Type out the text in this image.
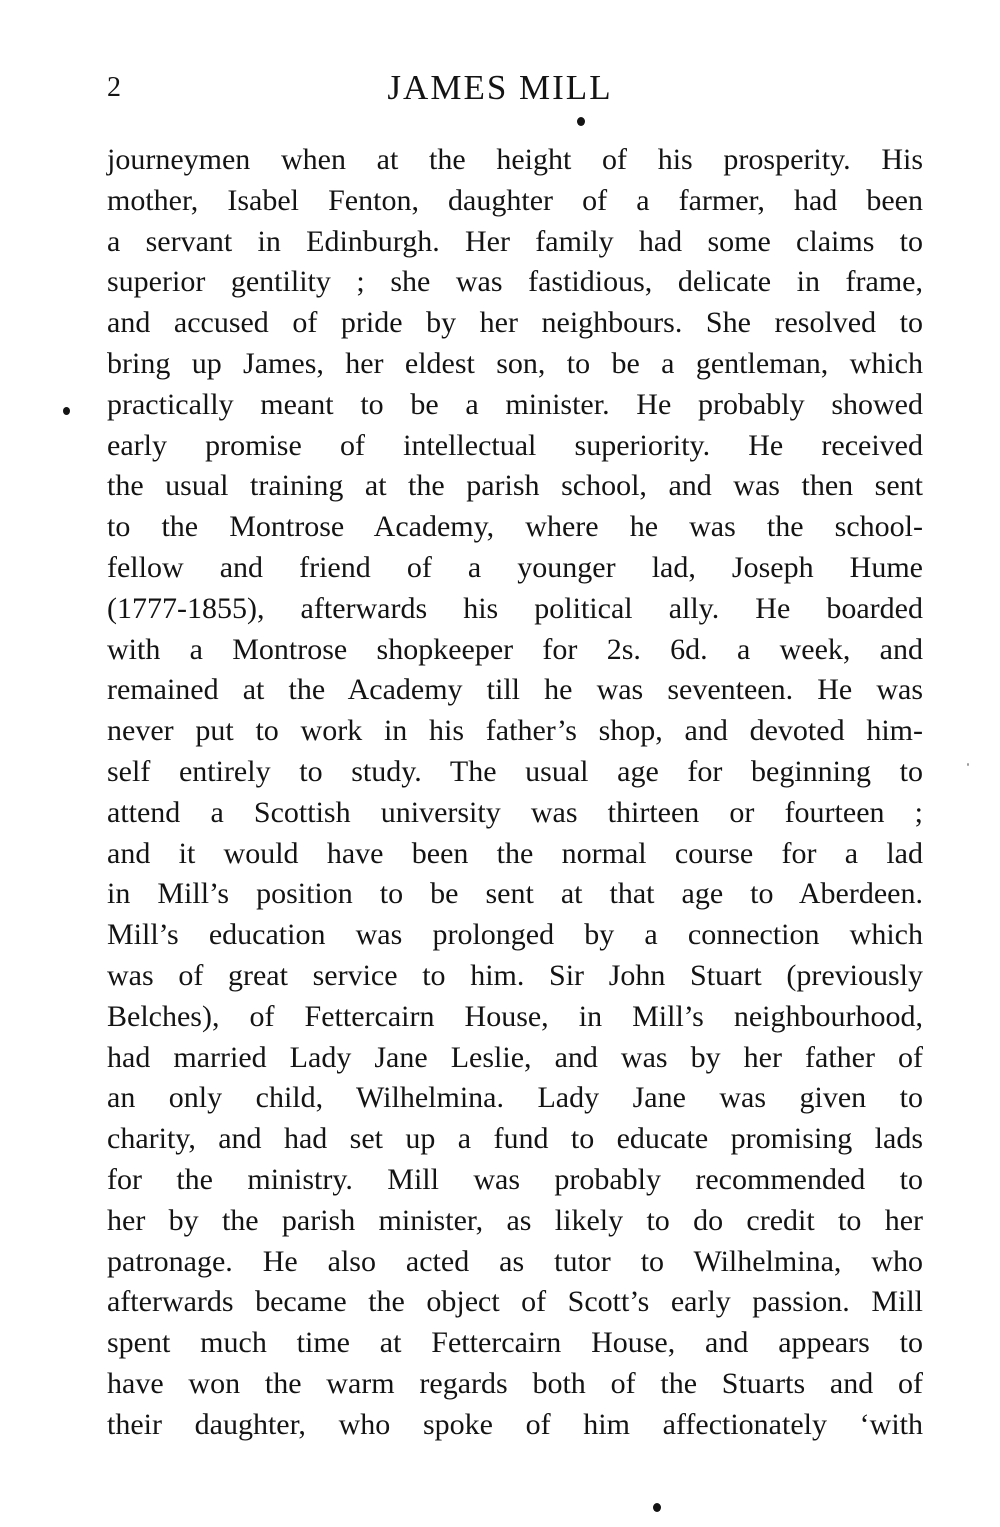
2	JAMES MILL
journeymen when at the height of his prosperity. His
mother, Isabel Fenton, daughter of a farmer, had been
a servant in Edinburgh. Her family had some claims to
superior gentility ; she was fastidious, delicate in frame,
and accused of pride by her neighbours. She resolved to
bring up James, her eldest son, to be a gentleman, which
practically meant to be a minister. He probably showed
early promise of intellectual superiority. He received
the usual training at the parish school, and was then sent
to the Montrose Academy, where he was the school-
fellow and friend of a younger lad, Joseph Hume
(1777-1855), afterwards his political ally. He boarded
with a Montrose shopkeeper for 2s. 6d. a week, and
remained at the Academy till he was seventeen. He was
never put to work in his father’s shop, and devoted him-
self entirely to study. The usual age for beginning to
attend a Scottish university was thirteen or fourteen ;
and it would have been the normal course for a lad
in Mill’s position to be sent at that age to Aberdeen.
Mill’s education was prolonged by a connection which
was of great service to him. Sir John Stuart (previously
Belches), of Fettercairn House, in Mill’s neighbourhood,
had married Lady Jane Leslie, and was by her father of
an only child, Wilhelmina. Lady Jane was given to
charity, and had set up a fund to educate promising lads
for the ministry. Mill was probably recommended to
her by the parish minister, as likely to do credit to her
patronage. He also acted as tutor to Wilhelmina, who
afterwards became the object of Scott’s early passion. Mill
spent much time at Fettercairn House, and appears to
have won the warm regards both of the Stuarts and of
their daughter, who spoke of him affectionately ‘with
